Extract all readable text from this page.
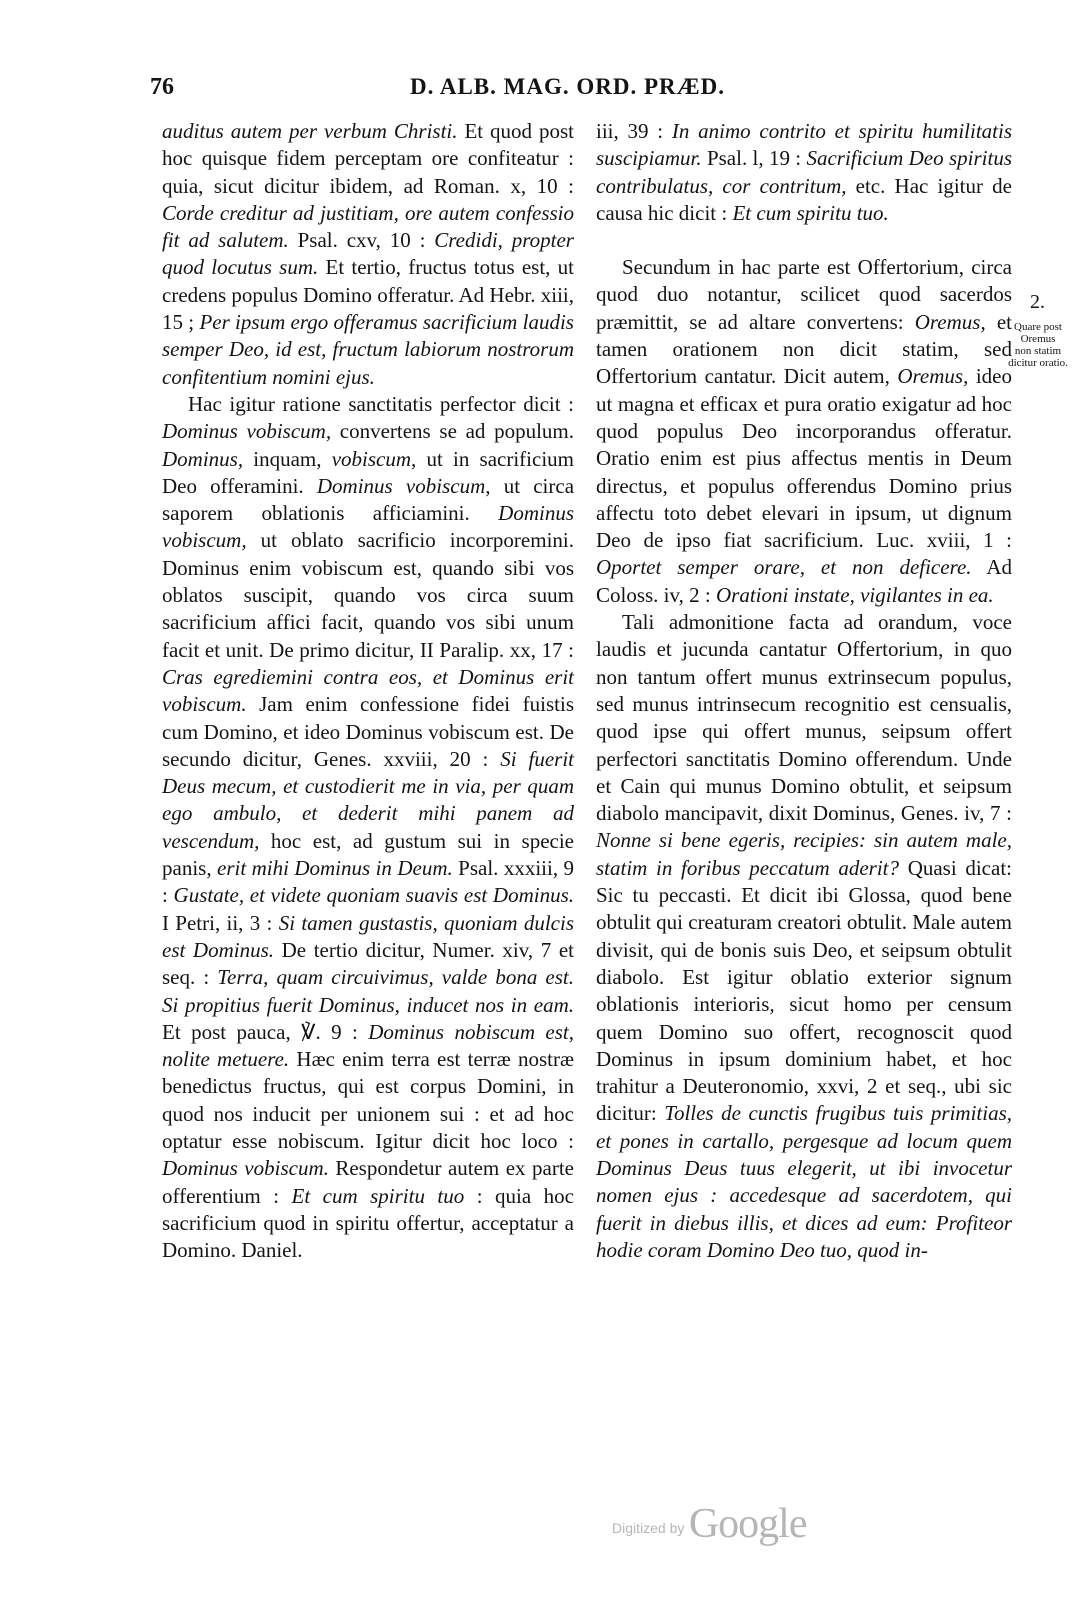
76	D. ALB. MAG. ORD. PRÆD.

auditus autem per verbum Christi. Et quod post hoc quisque fidem perceptam ore confiteatur : quia, sicut dicitur ibidem, ad Roman. x, 10 : Corde creditur ad justitiam, ore autem confessio fit ad salutem. Psal. cxv, 10 : Credidi, propter quod locutus sum. Et tertio, fructus totus est, ut credens populus Domino offeratur. Ad Hebr. xiii, 15 ; Per ipsum ergo offeramus sacrificium laudis semper Deo, id est, fructum labiorum nostrorum confitentium nomini ejus.

Hac igitur ratione sanctitatis perfector dicit : Dominus vobiscum, convertens se ad populum. Dominus, inquam, vobiscum, ut in sacrificium Deo offeramini. Dominus vobiscum, ut circa saporem oblationis afficiamini. Dominus vobiscum, ut oblato sacrificio incorporemini. Dominus enim vobiscum est, quando sibi vos oblatos suscipit, quando vos circa suum sacrificium affici facit, quando vos sibi unum facit et unit. De primo dicitur, II Paralip. xx, 17 : Cras egrediemini contra eos, et Dominus erit vobiscum. Jam enim confessione fidei fuistis cum Domino, et ideo Dominus vobiscum est. De secundo dicitur, Genes. xxviii, 20 : Si fuerit Deus mecum, et custodierit me in via, per quam ego ambulo, et dederit mihi panem ad vescendum, hoc est, ad gustum sui in specie panis, erit mihi Dominus in Deum. Psal. xxxiii, 9 : Gustate, et videte quoniam suavis est Dominus. I Petri, ii, 3 : Si tamen gustastis, quoniam dulcis est Dominus. De tertio dicitur, Numer. xiv, 7 et seq. : Terra, quam circuivimus, valde bona est. Si propitius fuerit Dominus, inducet nos in eam. Et post pauca, ℣. 9 : Dominus nobiscum est, nolite metuere. Hæc enim terra est terræ nostræ benedictus fructus, qui est corpus Domini, in quod nos inducit per unionem sui : et ad hoc optatur esse nobiscum. Igitur dicit hoc loco : Dominus vobiscum. Respondetur autem ex parte offerentium : Et cum spiritu tuo : quia hoc sacrificium quod in spiritu offertur, acceptatur a Domino. Daniel.

iii, 39 : In animo contrito et spiritu humilitatis suscipiamur. Psal. l, 19 : Sacrificium Deo spiritus contribulatus, cor contritum, etc. Hac igitur de causa hic dicit : Et cum spiritu tuo.

Secundum in hac parte est Offertorium, circa quod duo notantur, scilicet quod sacerdos præmittit, se ad altare convertens: Oremus, et tamen orationem non dicit statim, sed Offertorium cantatur. Dicit autem, Oremus, ideo ut magna et efficax et pura oratio exigatur ad hoc quod populus Deo incorporandus offeratur. Oratio enim est pius affectus mentis in Deum directus, et populus offerendus Domino prius affectu toto debet elevari in ipsum, ut dignum Deo de ipso fiat sacrificium. Luc. xviii, 1 : Oportet semper orare, et non deficere. Ad Coloss. iv, 2 : Orationi instate, vigilantes in ea.

Tali admonitione facta ad orandum, voce laudis et jucunda cantatur Offertorium, in quo non tantum offert munus extrinsecum populus, sed munus intrinsecum recognitio est censualis, quod ipse qui offert munus, seipsum offert perfectori sanctitatis Domino offerendum. Unde et Cain qui munus Domino obtulit, et seipsum diabolo mancipavit, dixit Dominus, Genes. iv, 7 : Nonne si bene egeris, recipies: sin autem male, statim in foribus peccatum aderit? Quasi dicat: Sic tu peccasti. Et dicit ibi Glossa, quod bene obtulit qui creaturam creatori obtulit. Male autem divisit, qui de bonis suis Deo, et seipsum obtulit diabolo. Est igitur oblatio exterior signum oblationis interioris, sicut homo per censum quem Domino suo offert, recognoscit quod Dominus in ipsum dominium habet, et hoc trahitur a Deuteronomio, xxvi, 2 et seq., ubi sic dicitur: Tolles de cunctis frugibus tuis primitias, et pones in cartallo, pergesque ad locum quem Dominus Deus tuus elegerit, ut ibi invocetur nomen ejus : accedesque ad sacerdotem, qui fuerit in diebus illis, et dices ad eum: Profiteor hodie coram Domino Deo tuo, quod in-

2.
Quare post
Oremus
non statim
dicitur oratio.
Digitized by Google
